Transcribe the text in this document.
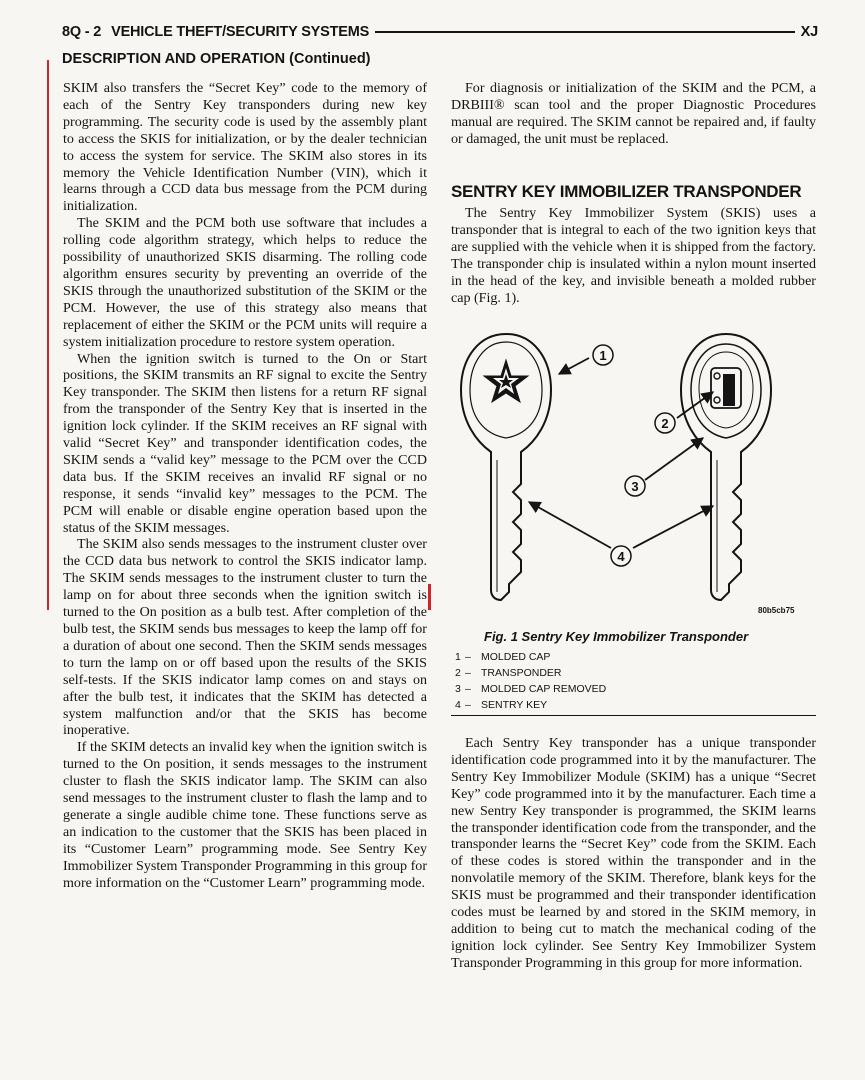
8Q - 2 VEHICLE THEFT/SECURITY SYSTEMS	XJ
DESCRIPTION AND OPERATION (Continued)

SKIM also transfers the “Secret Key” code to the memory of each of the Sentry Key transponders during new key programming. The security code is used by the assembly plant to access the SKIS for initialization, or by the dealer technician to access the system for service. The SKIM also stores in its memory the Vehicle Identification Number (VIN), which it learns through a CCD data bus message from the PCM during initialization.

The SKIM and the PCM both use software that includes a rolling code algorithm strategy, which helps to reduce the possibility of unauthorized SKIS disarming. The rolling code algorithm ensures security by preventing an override of the SKIS through the unauthorized substitution of the SKIM or the PCM. However, the use of this strategy also means that replacement of either the SKIM or the PCM units will require a system initialization procedure to restore system operation.

When the ignition switch is turned to the On or Start positions, the SKIM transmits an RF signal to excite the Sentry Key transponder. The SKIM then listens for a return RF signal from the transponder of the Sentry Key that is inserted in the ignition lock cylinder. If the SKIM receives an RF signal with valid “Secret Key” and transponder identification codes, the SKIM sends a “valid key” message to the PCM over the CCD data bus. If the SKIM receives an invalid RF signal or no response, it sends “invalid key” messages to the PCM. The PCM will enable or disable engine operation based upon the status of the SKIM messages.

The SKIM also sends messages to the instrument cluster over the CCD data bus network to control the SKIS indicator lamp. The SKIM sends messages to the instrument cluster to turn the lamp on for about three seconds when the ignition switch is turned to the On position as a bulb test. After completion of the bulb test, the SKIM sends bus messages to keep the lamp off for a duration of about one second. Then the SKIM sends messages to turn the lamp on or off based upon the results of the SKIS self-tests. If the SKIS indicator lamp comes on and stays on after the bulb test, it indicates that the SKIM has detected a system malfunction and/or that the SKIS has become inoperative.

If the SKIM detects an invalid key when the ignition switch is turned to the On position, it sends messages to the instrument cluster to flash the SKIS indicator lamp. The SKIM can also send messages to the instrument cluster to flash the lamp and to generate a single audible chime tone. These functions serve as an indication to the customer that the SKIS has been placed in its “Customer Learn” programming mode. See Sentry Key Immobilizer System Transponder Programming in this group for more information on the “Customer Learn” programming mode.

For diagnosis or initialization of the SKIM and the PCM, a DRBIII® scan tool and the proper Diagnostic Procedures manual are required. The SKIM cannot be repaired and, if faulty or damaged, the unit must be replaced.

SENTRY KEY IMMOBILIZER TRANSPONDER

The Sentry Key Immobilizer System (SKIS) uses a transponder that is integral to each of the two ignition keys that are supplied with the vehicle when it is shipped from the factory. The transponder chip is insulated within a nylon mount inserted in the head of the key, and invisible beneath a molded rubber cap (Fig. 1).

1
2
3
4
80b5cb75
Fig. 1 Sentry Key Immobilizer Transponder
1– MOLDED CAP
2– TRANSPONDER
3– MOLDED CAP REMOVED
4– SENTRY KEY

Each Sentry Key transponder has a unique transponder identification code programmed into it by the manufacturer. The Sentry Key Immobilizer Module (SKIM) has a unique “Secret Key” code programmed into it by the manufacturer. Each time a new Sentry Key transponder is programmed, the SKIM learns the transponder identification code from the transponder, and the transponder learns the “Secret Key” code from the SKIM. Each of these codes is stored within the transponder and in the nonvolatile memory of the SKIM. Therefore, blank keys for the SKIS must be programmed and their transponder identification codes must be learned by and stored in the SKIM memory, in addition to being cut to match the mechanical coding of the ignition lock cylinder. See Sentry Key Immobilizer System Transponder Programming in this group for more information.
